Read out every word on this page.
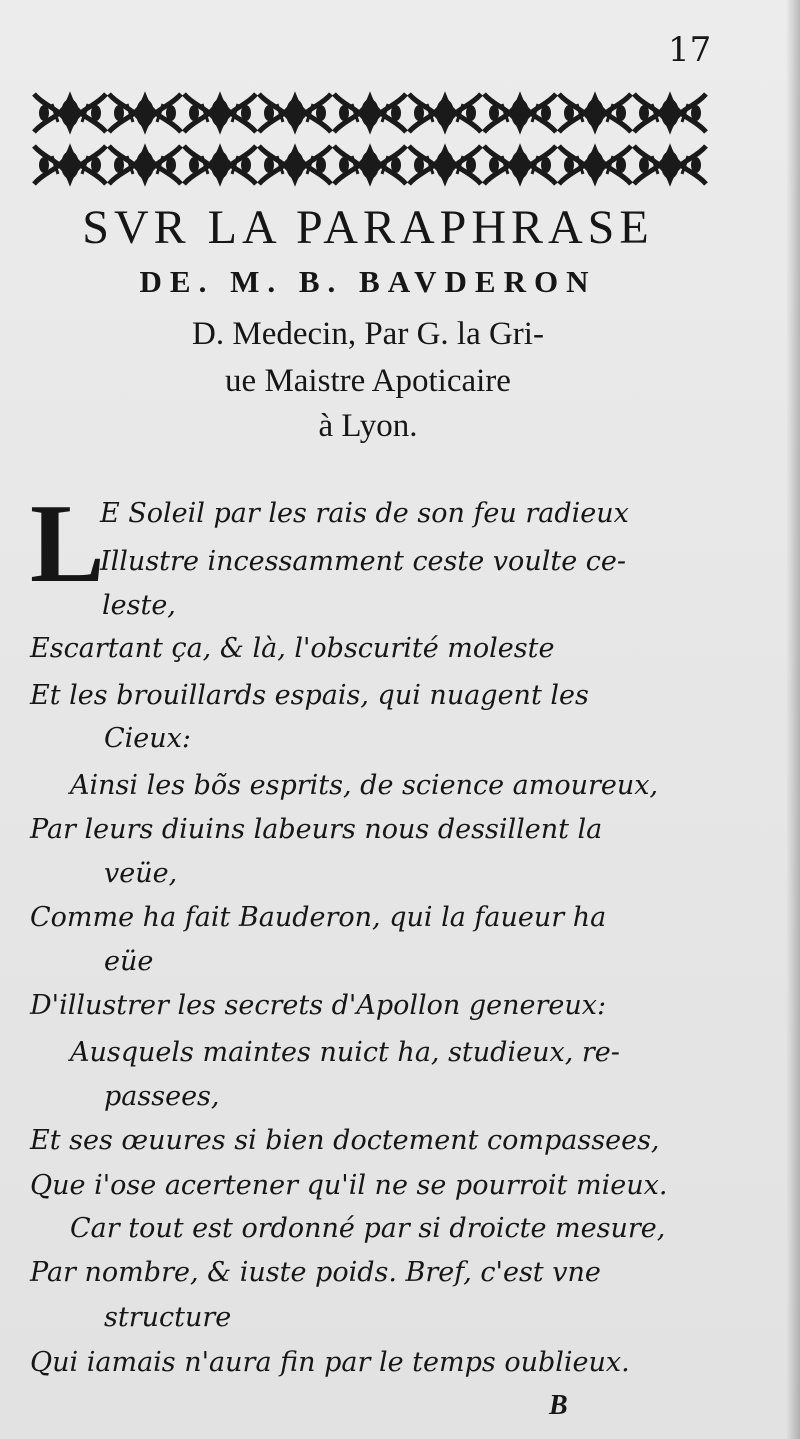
17
SVR LA PARAPHRASE
DE. M. B. BAVDERON
D. Medecin, Par G. la Gri-
ue Maistre Apoticaire
à Lyon.
L
E Soleil par les rais de son feu radieux
Illustre incessamment ceste voulte ce-
leste,
Escartant ça, & là, l'obscurité moleste
Et les brouillards espais, qui nuagent les
Cieux:
Ainsi les bõs esprits, de science amoureux,
Par leurs diuins labeurs nous dessillent la
veüe,
Comme ha fait Bauderon, qui la faueur ha
eüe
D'illustrer les secrets d'Apollon genereux:
Ausquels maintes nuict ha, studieux, re-
passees,
Et ses œuures si bien doctement compassees,
Que i'ose acertener qu'il ne se pourroit mieux.
Car tout est ordonné par si droicte mesure,
Par nombre, & iuste poids. Bref, c'est vne
structure
Qui iamais n'aura fin par le temps oublieux.
B
